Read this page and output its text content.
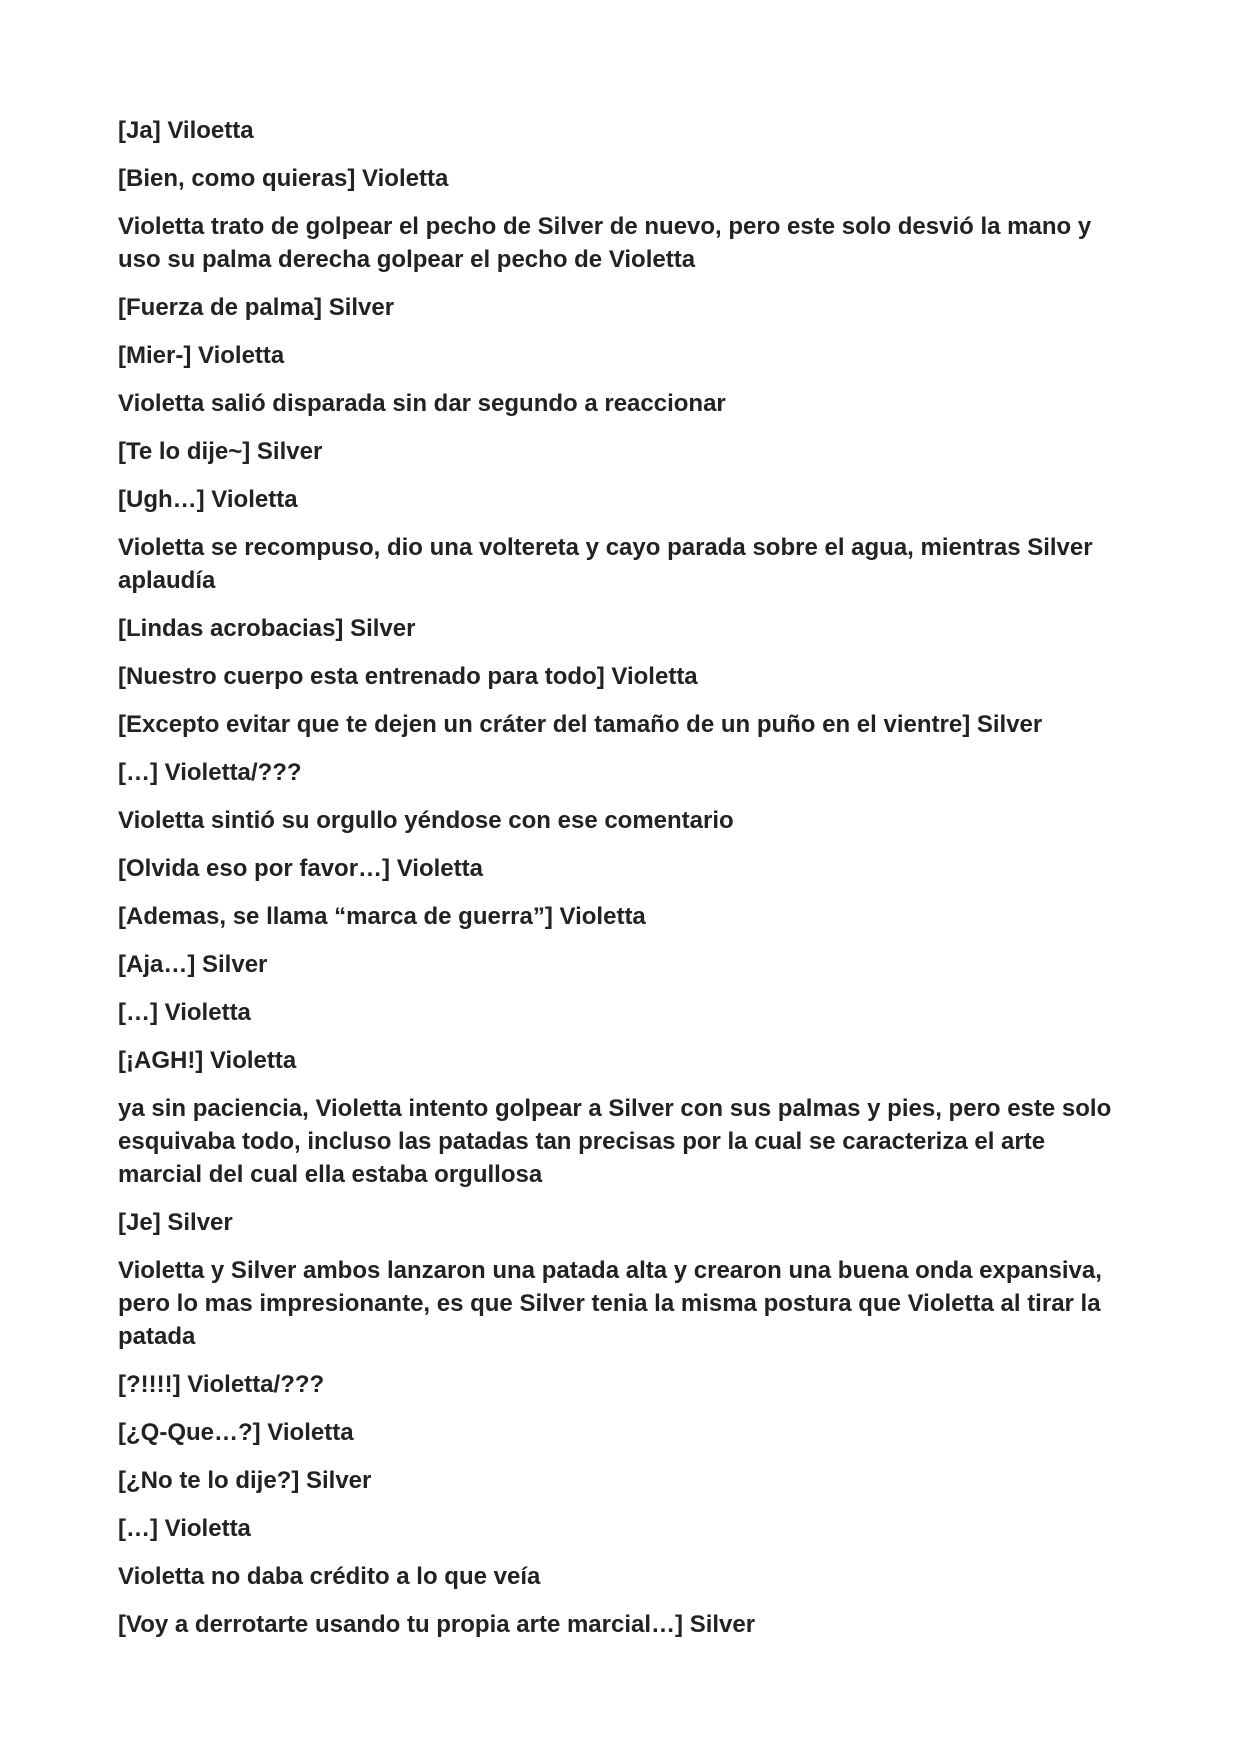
[Ja] Viloetta

[Bien, como quieras] Violetta

Violetta trato de golpear el pecho de Silver de nuevo, pero este solo desvió la mano y uso su palma derecha golpear el pecho de Violetta

[Fuerza de palma] Silver

[Mier-] Violetta

Violetta salió disparada sin dar segundo a reaccionar

[Te lo dije~] Silver

[Ugh…] Violetta

Violetta se recompuso, dio una voltereta y cayo parada sobre el agua, mientras Silver aplaudía

[Lindas acrobacias] Silver

[Nuestro cuerpo esta entrenado para todo] Violetta

[Excepto evitar que te dejen un cráter del tamaño de un puño en el vientre] Silver

[…] Violetta/???

Violetta sintió su orgullo yéndose con ese comentario

[Olvida eso por favor…] Violetta

[Ademas, se llama “marca de guerra”] Violetta

[Aja…] Silver

[…] Violetta

[¡AGH!] Violetta

ya sin paciencia, Violetta intento golpear a Silver con sus palmas y pies, pero este solo esquivaba todo, incluso las patadas tan precisas por la cual se caracteriza el arte marcial del cual ella estaba orgullosa

[Je] Silver

Violetta y Silver ambos lanzaron una patada alta y crearon una buena onda expansiva, pero lo mas impresionante, es que Silver tenia la misma postura que Violetta al tirar la patada

[?!!!!] Violetta/???

[¿Q-Que…?] Violetta

[¿No te lo dije?] Silver

[…] Violetta

Violetta no daba crédito a lo que veía

[Voy a derrotarte usando tu propia arte marcial…] Silver
